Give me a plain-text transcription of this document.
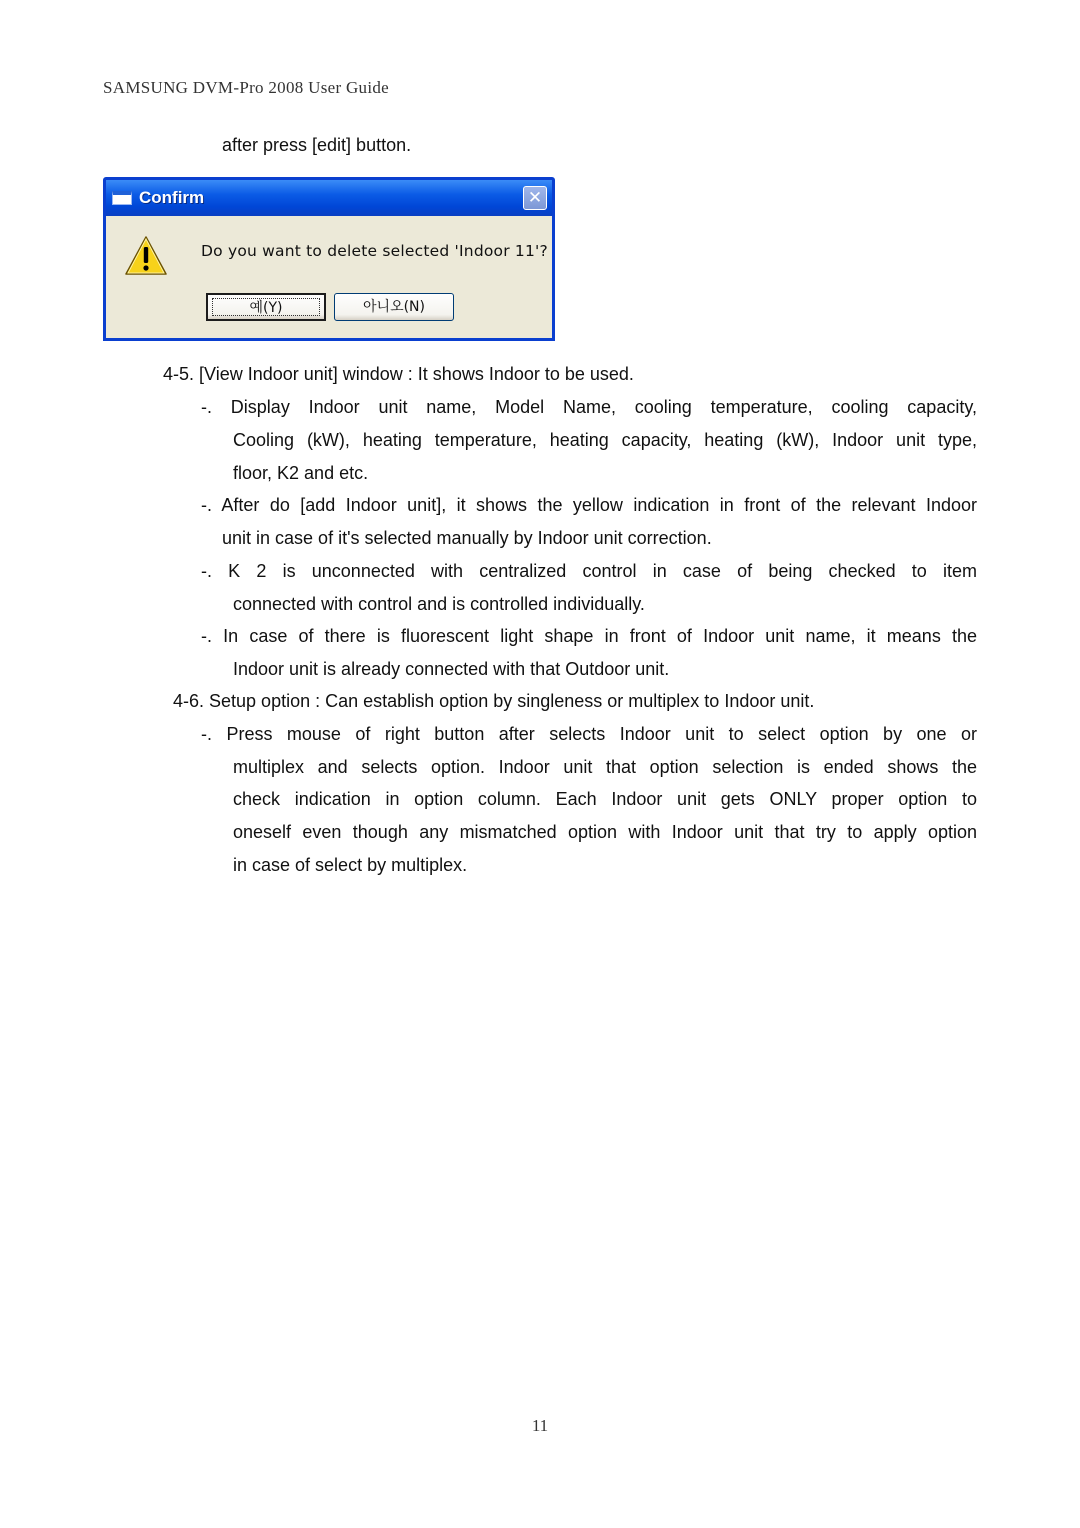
SAMSUNG DVM-Pro 2008 User Guide
after press [edit] button.
Confirm	✕
Do you want to delete selected 'Indoor 11'?
예(Y)	아니오(N)
4-5. [View Indoor unit] window : It shows Indoor to be used.
-. Display Indoor unit name, Model Name, cooling temperature, cooling capacity,
Cooling (kW), heating temperature, heating capacity, heating (kW), Indoor unit type,
floor, K2 and etc.
-. After do [add Indoor unit], it shows the yellow indication in front of the relevant Indoor
unit in case of it's selected manually by Indoor unit correction.
-. K 2 is unconnected with centralized control in case of being checked to item
connected with control and is controlled individually.
-. In case of there is fluorescent light shape in front of Indoor unit name, it means the
Indoor unit is already connected with that Outdoor unit.
4-6. Setup option : Can establish option by singleness or multiplex to Indoor unit.
-. Press mouse of right button after selects Indoor unit to select option by one or
multiplex and selects option. Indoor unit that option selection is ended shows the
check indication in option column. Each Indoor unit gets ONLY proper option to
oneself even though any mismatched option with Indoor unit that try to apply option
in case of select by multiplex.
11
